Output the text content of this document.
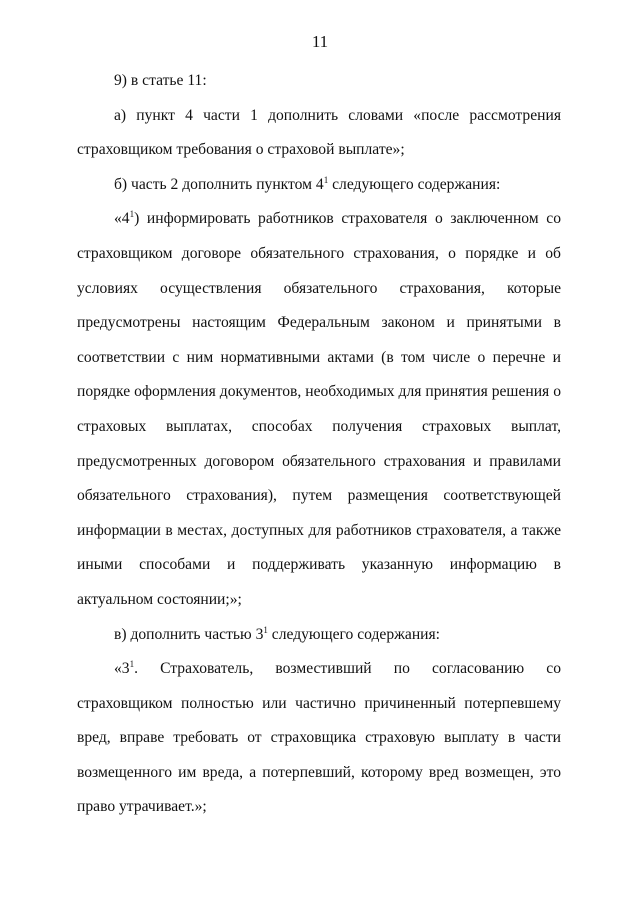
11

9) в статье 11:

а) пункт 4 части 1 дополнить словами «после рассмотрения страховщиком требования о страховой выплате»;

б) часть 2 дополнить пунктом $4^1$ следующего содержания:

«$4^1$) информировать работников страхователя о заключенном со страховщиком договоре обязательного страхования, о порядке и об условиях осуществления обязательного страхования, которые предусмотрены настоящим Федеральным законом и принятыми в соответствии с ним нормативными актами (в том числе о перечне и порядке оформления документов, необходимых для принятия решения о страховых выплатах, способах получения страховых выплат, предусмотренных договором обязательного страхования и правилами обязательного страхования), путем размещения соответствующей информации в местах, доступных для работников страхователя, а также иными способами и поддерживать указанную информацию в актуальном состоянии;»;

в) дополнить частью $3^1$ следующего содержания:

«$3^1$. Страхователь, возместивший по согласованию со страховщиком полностью или частично причиненный потерпевшему вред, вправе требовать от страховщика страховую выплату в части возмещенного им вреда, а потерпевший, которому вред возмещен, это право утрачивает.»;
